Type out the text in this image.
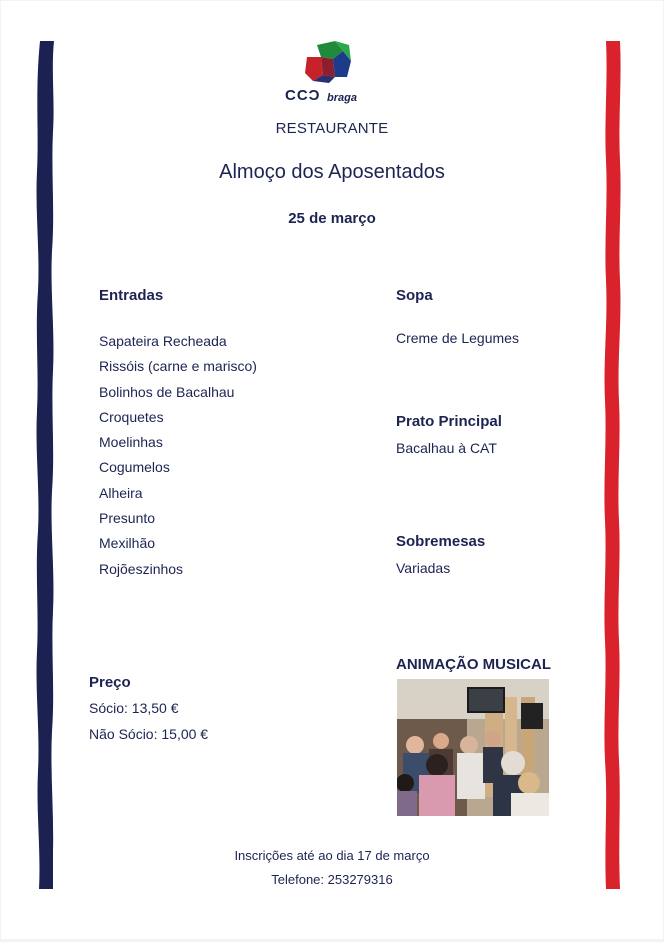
CCƆ braga
RESTAURANTE
Almoço dos Aposentados
25 de março
Entradas
Sapateira Recheada
Rissóis (carne e marisco)
Bolinhos de Bacalhau
Croquetes
Moelinhas
Cogumelos
Alheira
Presunto
Mexilhão
Rojõeszinhos
Sopa
Creme de Legumes
Prato Principal
Bacalhau à CAT
Sobremesas
Variadas
Preço
Sócio: 13,50 €
Não Sócio: 15,00 €
ANIMAÇÃO MUSICAL
Inscrições até ao dia 17 de março
Telefone: 253279316
